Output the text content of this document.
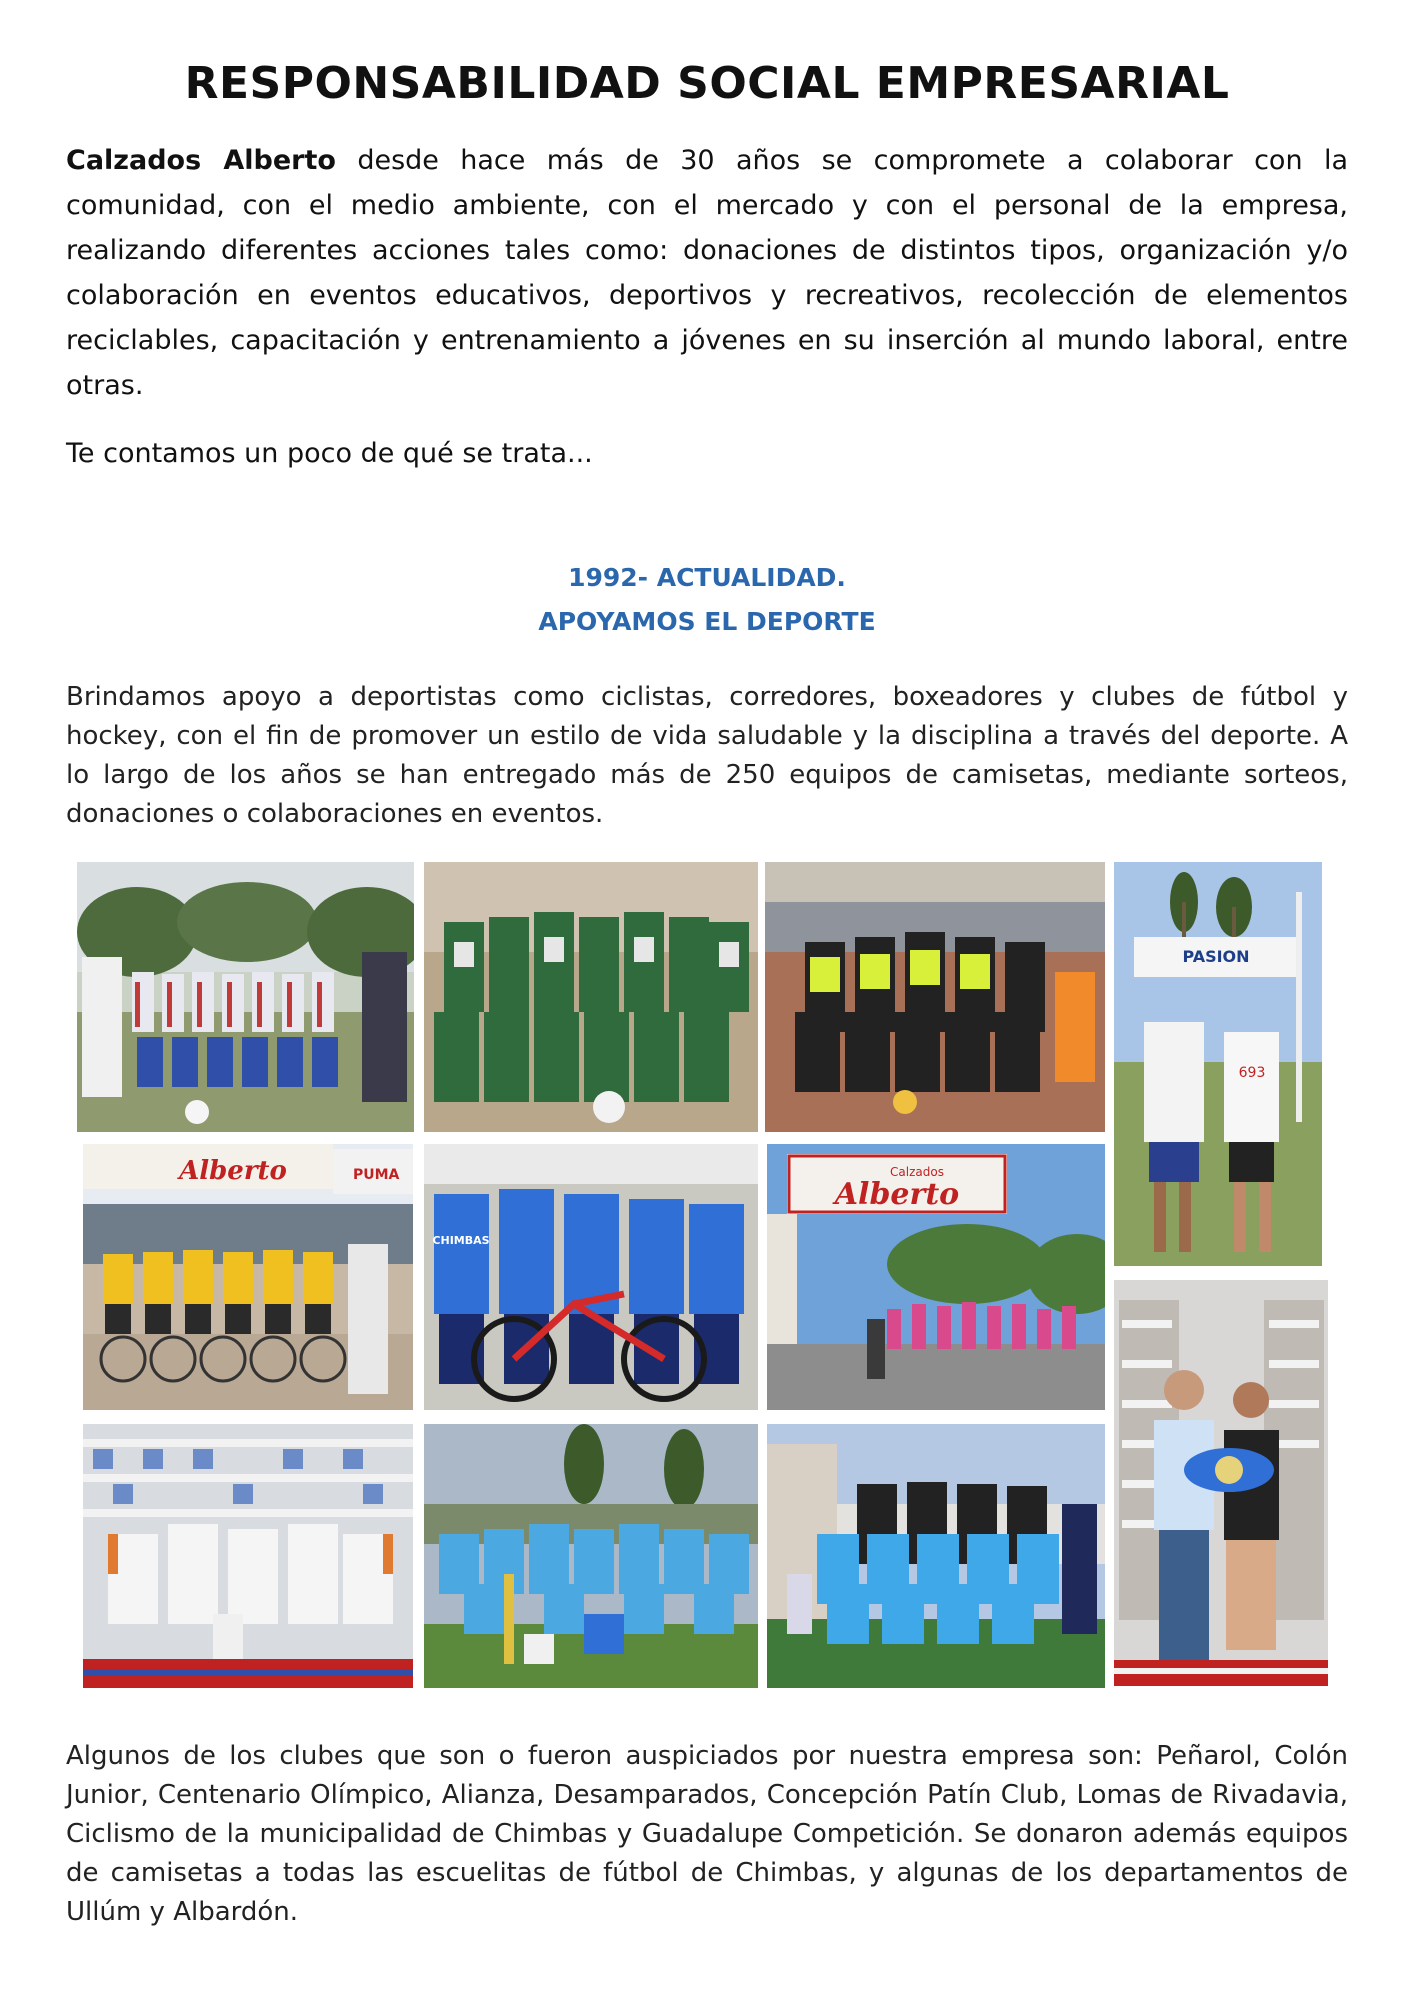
RESPONSABILIDAD SOCIAL EMPRESARIAL

Calzados Alberto desde hace más de 30 años se compromete a colaborar con la comunidad, con el medio ambiente, con el mercado y con el personal de la empresa, realizando diferentes acciones tales como: donaciones de distintos tipos, organización y/o colaboración en eventos educativos, deportivos y recreativos, recolección de elementos reciclables, capacitación y entrenamiento a jóvenes en su inserción al mundo laboral, entre otras.

Te contamos un poco de qué se trata...

1992- ACTUALIDAD.
APOYAMOS EL DEPORTE

Brindamos apoyo a deportistas como ciclistas, corredores, boxeadores y clubes de fútbol y hockey, con el fin de promover un estilo de vida saludable y la disciplina a través del deporte. A lo largo de los años se han entregado más de 250 equipos de camisetas, mediante sorteos, donaciones o colaboraciones en eventos.

PASION
693
Alberto	PUMA
CHIMBAS
Calzados
Alberto

Algunos de los clubes que son o fueron auspiciados por nuestra empresa son: Peñarol, Colón Junior, Centenario Olímpico, Alianza, Desamparados, Concepción Patín Club, Lomas de Rivadavia, Ciclismo de la municipalidad de Chimbas y Guadalupe Competición. Se donaron además equipos de camisetas a todas las escuelitas de fútbol de Chimbas, y algunas de los departamentos de Ullúm y Albardón.
